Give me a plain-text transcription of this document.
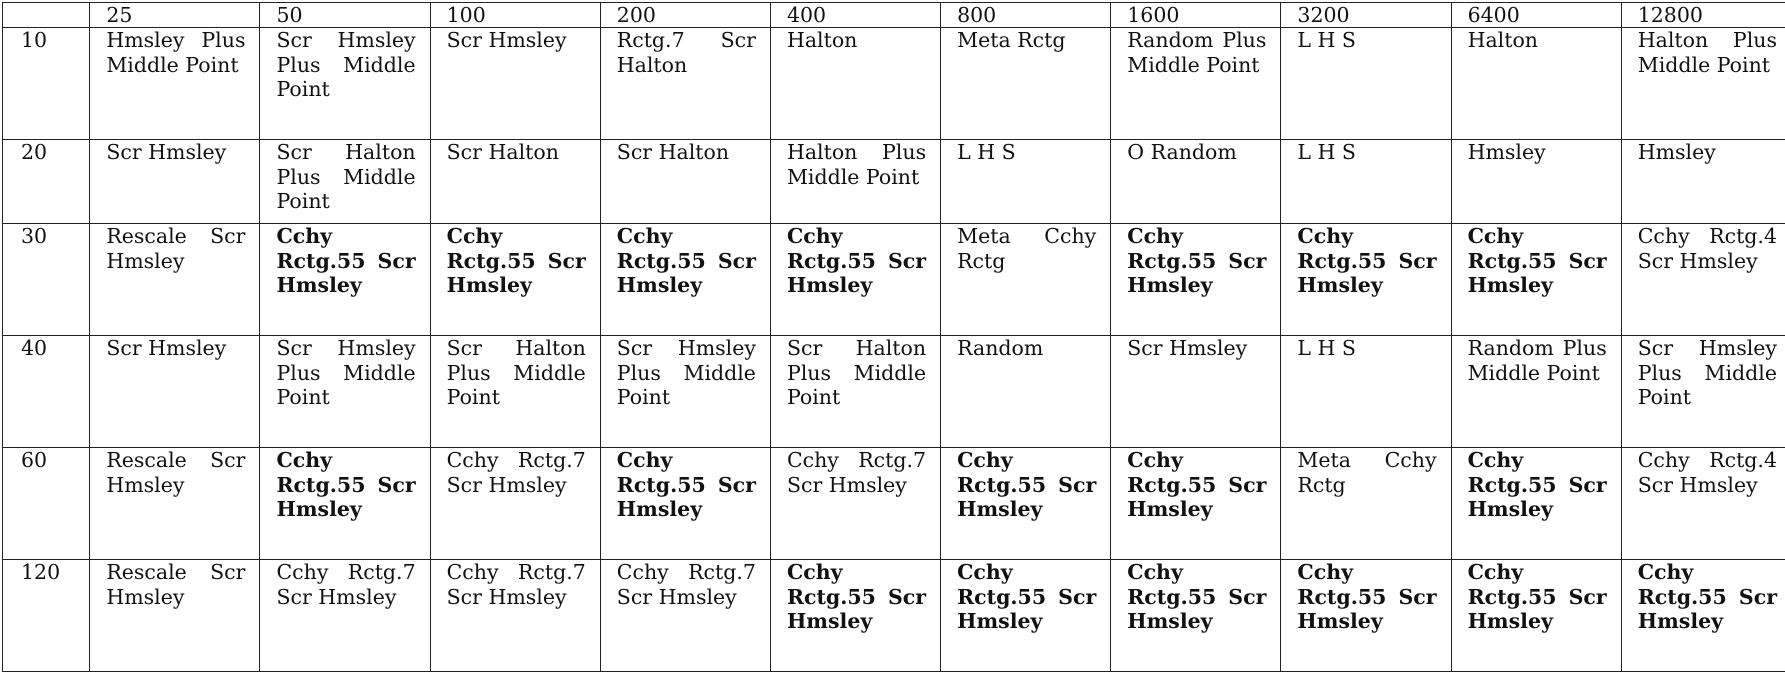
	25	50	100	200	400	800	1600	3200	6400	12800
10	Hmsley Plus Middle Point	Scr Hmsley Plus Middle Point	Scr Hmsley	Rctg.7 Scr Halton	Halton	Meta Rctg	Random Plus Middle Point	L H S	Halton	Halton Plus Middle Point

20	Scr Hmsley	Scr Halton Plus Middle Point	Scr Halton	Scr Halton	Halton Plus Middle Point	L H S	O Random	L H S	Hmsley	Hmsley

30	Rescale Scr Hmsley	Cchy Rctg.55 Scr Hmsley	Cchy Rctg.55 Scr Hmsley	Cchy Rctg.55 Scr Hmsley	Cchy Rctg.55 Scr Hmsley	Meta Cchy Rctg	Cchy Rctg.55 Scr Hmsley	Cchy Rctg.55 Scr Hmsley	Cchy Rctg.55 Scr Hmsley	Cchy Rctg.4 Scr Hmsley

40	Scr Hmsley	Scr Hmsley Plus Middle Point	Scr Halton Plus Middle Point	Scr Hmsley Plus Middle Point	Scr Halton Plus Middle Point	Random	Scr Hmsley	L H S	Random Plus Middle Point	Scr Hmsley Plus Middle Point

60	Rescale Scr Hmsley	Cchy Rctg.55 Scr Hmsley	Cchy Rctg.7 Scr Hmsley	Cchy Rctg.55 Scr Hmsley	Cchy Rctg.7 Scr Hmsley	Cchy Rctg.55 Scr Hmsley	Cchy Rctg.55 Scr Hmsley	Meta Cchy Rctg	Cchy Rctg.55 Scr Hmsley	Cchy Rctg.4 Scr Hmsley

120	Rescale Scr Hmsley	Cchy Rctg.7 Scr Hmsley	Cchy Rctg.7 Scr Hmsley	Cchy Rctg.7 Scr Hmsley	Cchy Rctg.55 Scr Hmsley	Cchy Rctg.55 Scr Hmsley	Cchy Rctg.55 Scr Hmsley	Cchy Rctg.55 Scr Hmsley	Cchy Rctg.55 Scr Hmsley	Cchy Rctg.55 Scr Hmsley
